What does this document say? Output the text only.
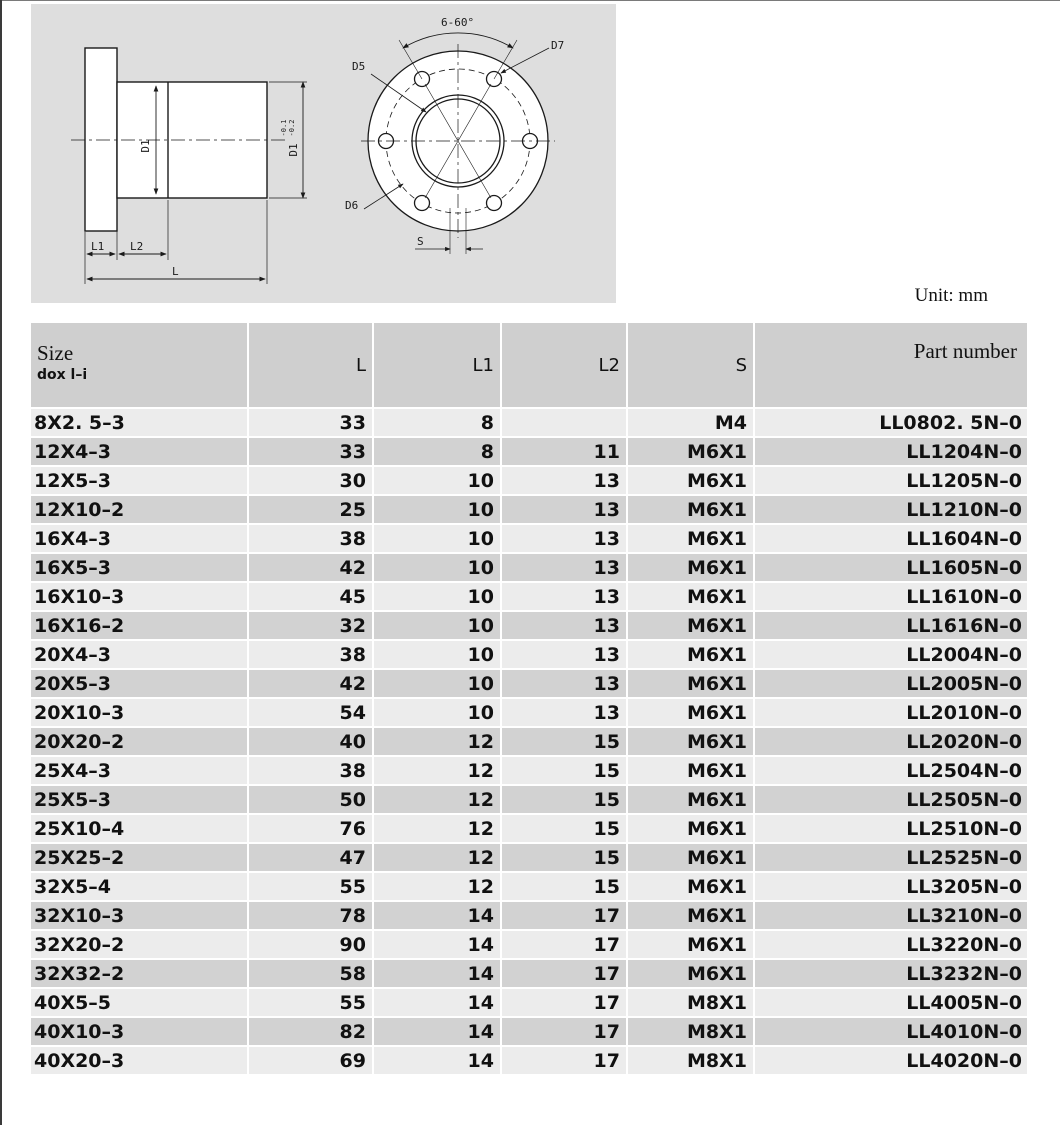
D1	D1
-0.1 -0.2
L1 L2
L
6-60°
D5
D6
D7
S
Unit: mm
Size
dox l–i	L	L1	L2	S	Part number
8X2. 5–3	33	8		M4	LL0802. 5N–0
12X4–3	33	8	11	M6X1	LL1204N–0
12X5–3	30	10	13	M6X1	LL1205N–0
12X10–2	25	10	13	M6X1	LL1210N–0
16X4–3	38	10	13	M6X1	LL1604N–0
16X5–3	42	10	13	M6X1	LL1605N–0
16X10–3	45	10	13	M6X1	LL1610N–0
16X16–2	32	10	13	M6X1	LL1616N–0
20X4–3	38	10	13	M6X1	LL2004N–0
20X5–3	42	10	13	M6X1	LL2005N–0
20X10–3	54	10	13	M6X1	LL2010N–0
20X20–2	40	12	15	M6X1	LL2020N–0
25X4–3	38	12	15	M6X1	LL2504N–0
25X5–3	50	12	15	M6X1	LL2505N–0
25X10–4	76	12	15	M6X1	LL2510N–0
25X25–2	47	12	15	M6X1	LL2525N–0
32X5–4	55	12	15	M6X1	LL3205N–0
32X10–3	78	14	17	M6X1	LL3210N–0
32X20–2	90	14	17	M6X1	LL3220N–0
32X32–2	58	14	17	M6X1	LL3232N–0
40X5–5	55	14	17	M8X1	LL4005N–0
40X10–3	82	14	17	M8X1	LL4010N–0
40X20–3	69	14	17	M8X1	LL4020N–0
